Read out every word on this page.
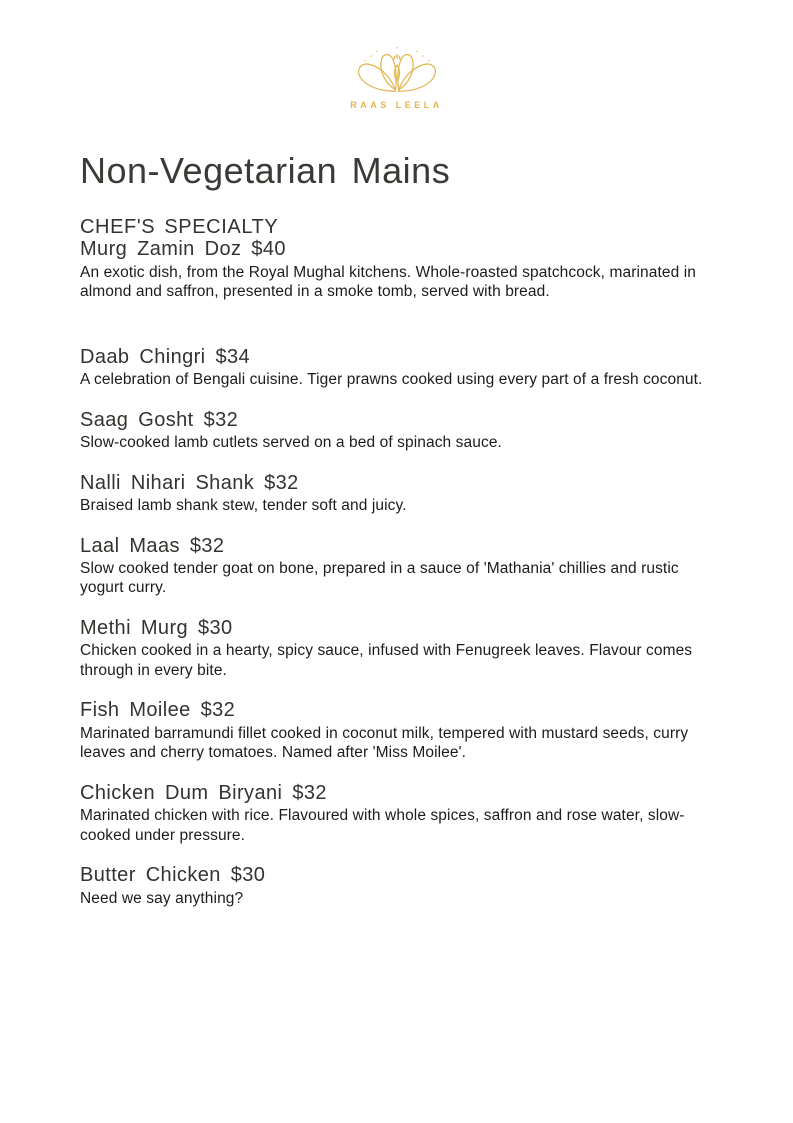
RAAS LEELA
Non-Vegetarian Mains
CHEF'S SPECIALTY
Murg Zamin Doz $40
An exotic dish, from the Royal Mughal kitchens. Whole-roasted spatchcock, marinated in almond and saffron, presented in a smoke tomb, served with bread.
Daab Chingri $34
A celebration of Bengali cuisine. Tiger prawns cooked using every part of a fresh coconut.
Saag Gosht $32
Slow-cooked lamb cutlets served on a bed of spinach sauce.
Nalli Nihari Shank $32
Braised lamb shank stew, tender soft and juicy.
Laal Maas $32
Slow cooked tender goat on bone, prepared in a sauce of 'Mathania' chillies and rustic yogurt curry.
Methi Murg $30
Chicken cooked in a hearty, spicy sauce, infused with Fenugreek leaves. Flavour comes through in every bite.
Fish Moilee $32
Marinated barramundi fillet cooked in coconut milk, tempered with mustard seeds, curry leaves and cherry tomatoes. Named after 'Miss Moilee'.
Chicken Dum Biryani $32
Marinated chicken with rice. Flavoured with whole spices, saffron and rose water, slow-cooked under pressure.
Butter Chicken $30
Need we say anything?
